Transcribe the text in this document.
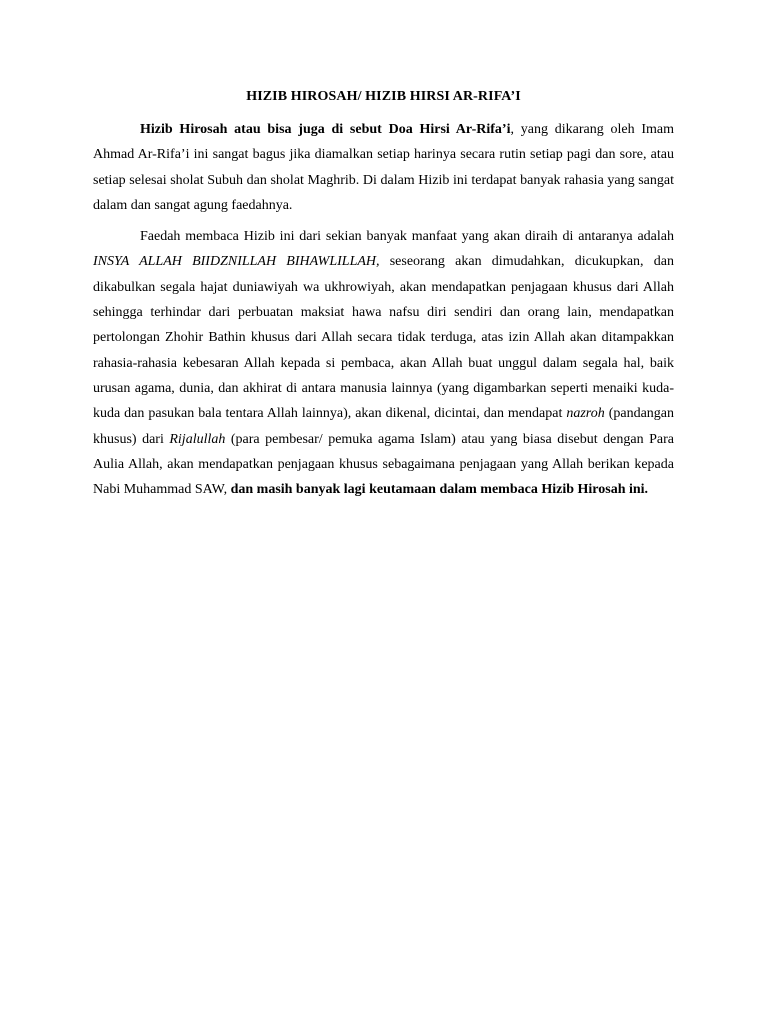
HIZIB HIROSAH/ HIZIB HIRSI AR-RIFA’I

Hizib Hirosah atau bisa juga di sebut Doa Hirsi Ar-Rifa’i, yang dikarang oleh Imam Ahmad Ar-Rifa’i ini sangat bagus jika diamalkan setiap harinya secara rutin setiap pagi dan sore, atau setiap selesai sholat Subuh dan sholat Maghrib. Di dalam Hizib ini terdapat banyak rahasia yang sangat dalam dan sangat agung faedahnya.

Faedah membaca Hizib ini dari sekian banyak manfaat yang akan diraih di antaranya adalah INSYA ALLAH BIIDZNILLAH BIHAWLILLAH, seseorang akan dimudahkan, dicukupkan, dan dikabulkan segala hajat duniawiyah wa ukhrowiyah, akan mendapatkan penjagaan khusus dari Allah sehingga terhindar dari perbuatan maksiat hawa nafsu diri sendiri dan orang lain, mendapatkan pertolongan Zhohir Bathin khusus dari Allah secara tidak terduga, atas izin Allah akan ditampakkan rahasia-rahasia kebesaran Allah kepada si pembaca, akan Allah buat unggul dalam segala hal, baik urusan agama, dunia, dan akhirat di antara manusia lainnya (yang digambarkan seperti menaiki kuda-kuda dan pasukan bala tentara Allah lainnya), akan dikenal, dicintai, dan mendapat nazroh (pandangan khusus) dari Rijalullah (para pembesar/ pemuka agama Islam) atau yang biasa disebut dengan Para Aulia Allah, akan mendapatkan penjagaan khusus sebagaimana penjagaan yang Allah berikan kepada Nabi Muhammad SAW, dan masih banyak lagi keutamaan dalam membaca Hizib Hirosah ini.
